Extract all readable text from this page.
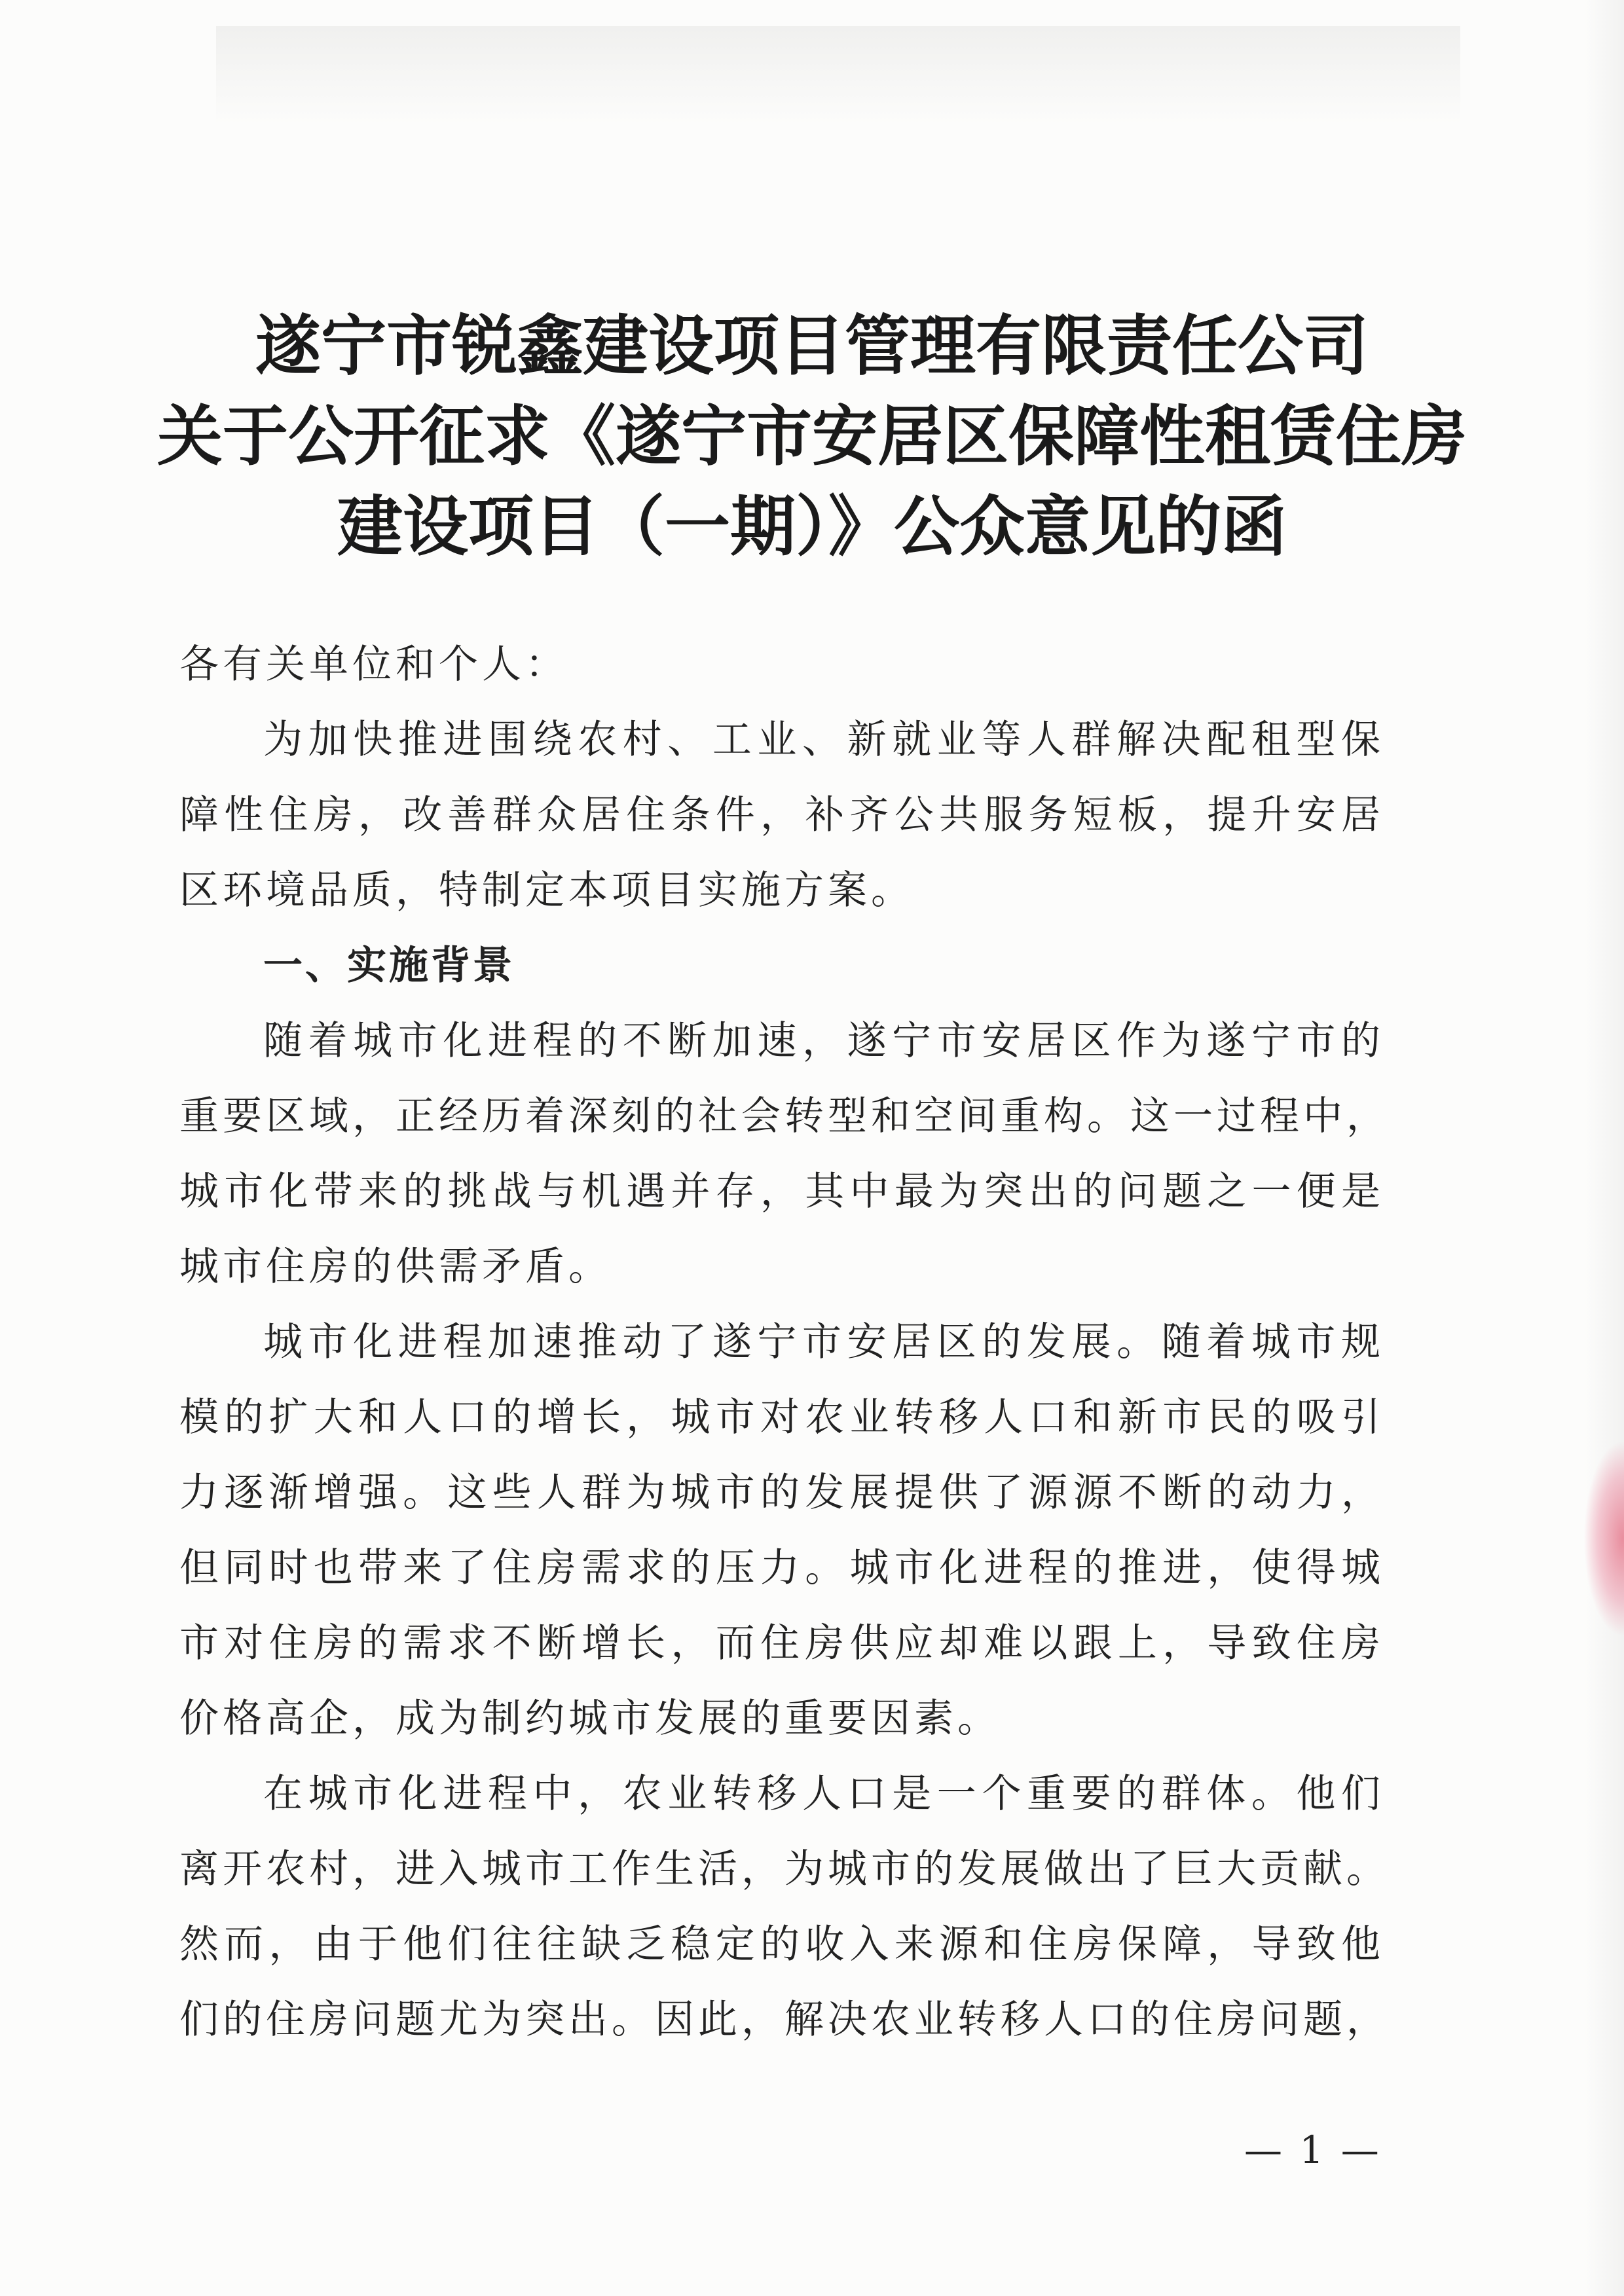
遂宁市锐鑫建设项目管理有限责任公司
关于公开征求《遂宁市安居区保障性租赁住房
建设项目（一期）》公众意见的函
各有关单位和个人：
为加快推进围绕农村、工业、新就业等人群解决配租型保
障性住房，改善群众居住条件，补齐公共服务短板，提升安居
区环境品质，特制定本项目实施方案。
一、实施背景
随着城市化进程的不断加速，遂宁市安居区作为遂宁市的
重要区域，正经历着深刻的社会转型和空间重构。这一过程中，
城市化带来的挑战与机遇并存，其中最为突出的问题之一便是
城市住房的供需矛盾。
城市化进程加速推动了遂宁市安居区的发展。随着城市规
模的扩大和人口的增长，城市对农业转移人口和新市民的吸引
力逐渐增强。这些人群为城市的发展提供了源源不断的动力，
但同时也带来了住房需求的压力。城市化进程的推进，使得城
市对住房的需求不断增长，而住房供应却难以跟上，导致住房
价格高企，成为制约城市发展的重要因素。
在城市化进程中，农业转移人口是一个重要的群体。他们
离开农村，进入城市工作生活，为城市的发展做出了巨大贡献。
然而，由于他们往往缺乏稳定的收入来源和住房保障，导致他
们的住房问题尤为突出。因此，解决农业转移人口的住房问题，
— 1 —
